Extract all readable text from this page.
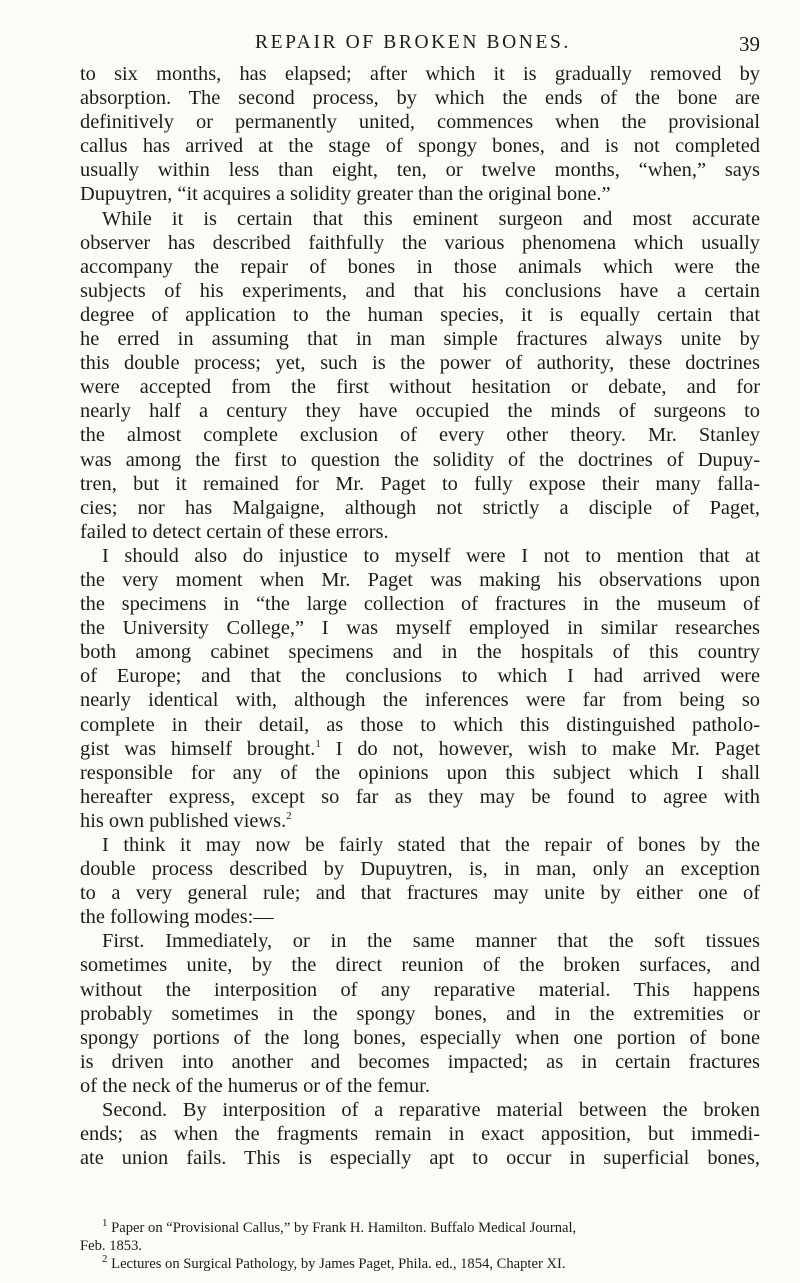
REPAIR OF BROKEN BONES.	39
to six months, has elapsed; after which it is gradually removed by
absorption. The second process, by which the ends of the bone are
definitively or permanently united, commences when the provisional
callus has arrived at the stage of spongy bones, and is not completed
usually within less than eight, ten, or twelve months, “when,” says
Dupuytren, “it acquires a solidity greater than the original bone.”
While it is certain that this eminent surgeon and most accurate
observer has described faithfully the various phenomena which usually
accompany the repair of bones in those animals which were the
subjects of his experiments, and that his conclusions have a certain
degree of application to the human species, it is equally certain that
he erred in assuming that in man simple fractures always unite by
this double process; yet, such is the power of authority, these doctrines
were accepted from the first without hesitation or debate, and for
nearly half a century they have occupied the minds of surgeons to
the almost complete exclusion of every other theory. Mr. Stanley
was among the first to question the solidity of the doctrines of Dupuy-
tren, but it remained for Mr. Paget to fully expose their many falla-
cies; nor has Malgaigne, although not strictly a disciple of Paget,
failed to detect certain of these errors.
I should also do injustice to myself were I not to mention that at
the very moment when Mr. Paget was making his observations upon
the specimens in “the large collection of fractures in the museum of
the University College,” I was myself employed in similar researches
both among cabinet specimens and in the hospitals of this country
of Europe; and that the conclusions to which I had arrived were
nearly identical with, although the inferences were far from being so
complete in their detail, as those to which this distinguished patholo-
gist was himself brought.$^1$ I do not, however, wish to make Mr. Paget
responsible for any of the opinions upon this subject which I shall
hereafter express, except so far as they may be found to agree with
his own published views.$^2$
I think it may now be fairly stated that the repair of bones by the
double process described by Dupuytren, is, in man, only an exception
to a very general rule; and that fractures may unite by either one of
the following modes:—
First. Immediately, or in the same manner that the soft tissues
sometimes unite, by the direct reunion of the broken surfaces, and
without the interposition of any reparative material. This happens
probably sometimes in the spongy bones, and in the extremities or
spongy portions of the long bones, especially when one portion of bone
is driven into another and becomes impacted; as in certain fractures
of the neck of the humerus or of the femur.
Second. By interposition of a reparative material between the broken
ends; as when the fragments remain in exact apposition, but immedi-
ate union fails. This is especially apt to occur in superficial bones,
$^1$ Paper on “Provisional Callus,” by Frank H. Hamilton. Buffalo Medical Journal,
Feb. 1853.
$^2$ Lectures on Surgical Pathology, by James Paget, Phila. ed., 1854, Chapter XI.
